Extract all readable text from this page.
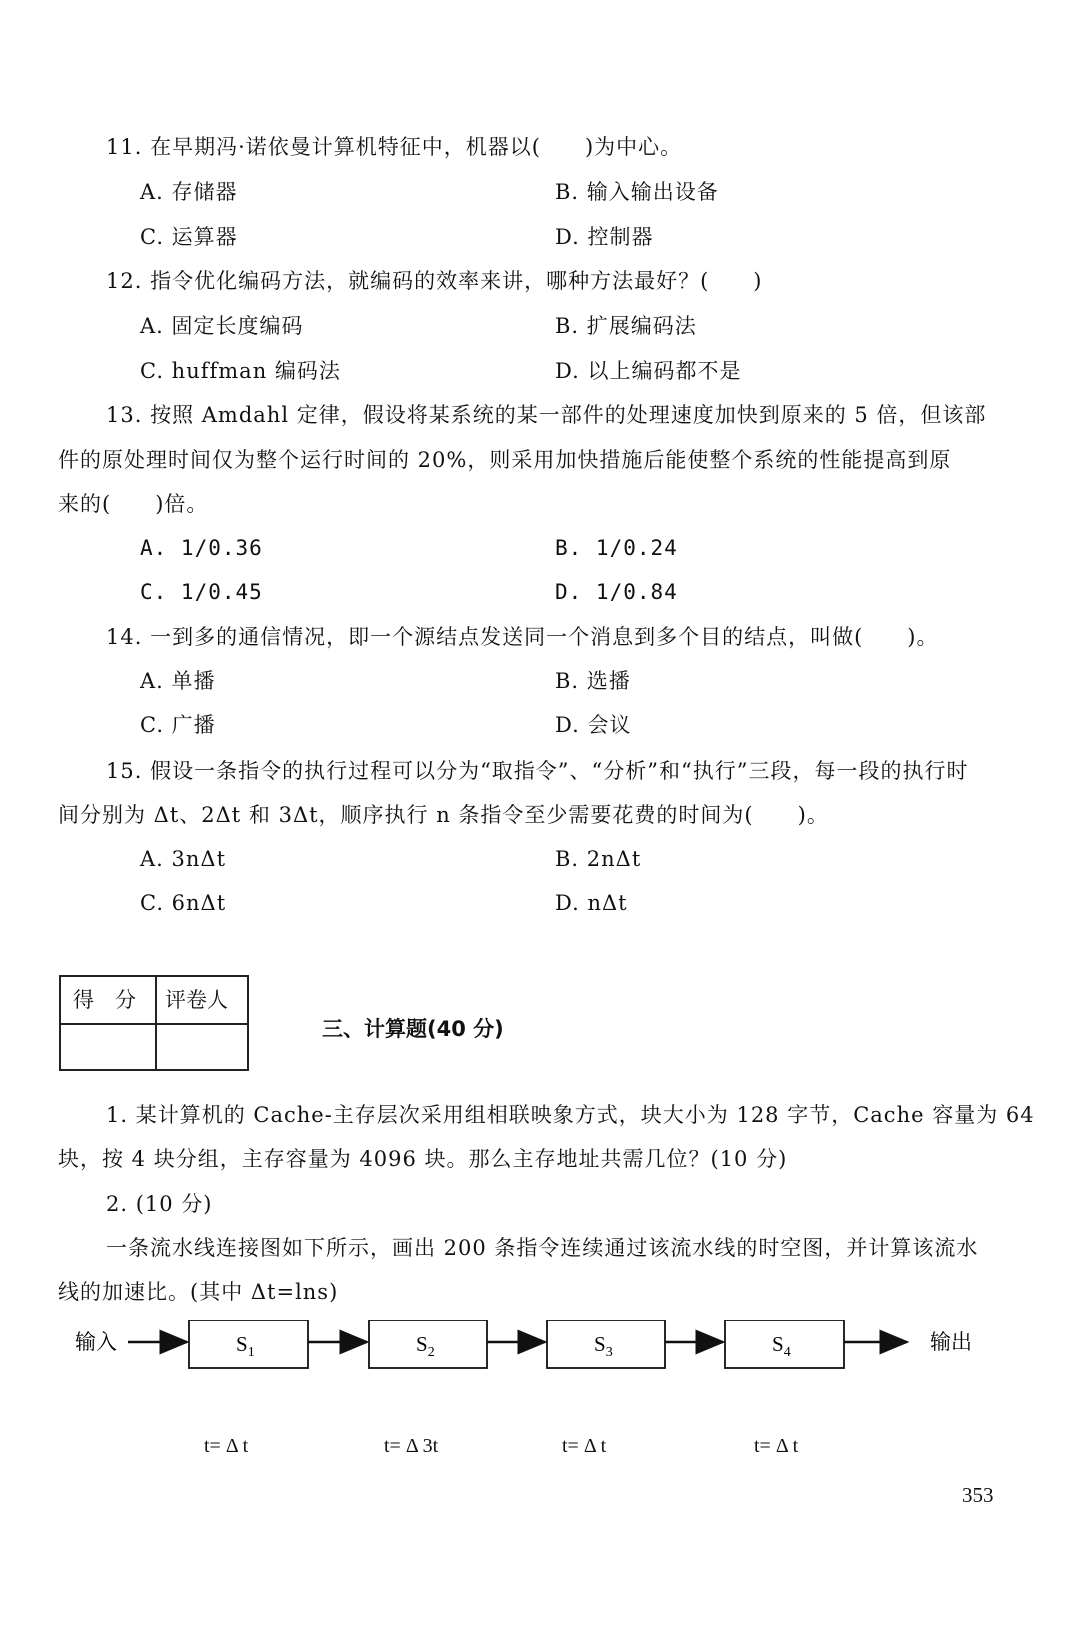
11. 在早期冯·诺依曼计算机特征中，机器以(　　)为中心。
A. 存储器	B. 输入输出设备
C. 运算器	D. 控制器
12. 指令优化编码方法，就编码的效率来讲，哪种方法最好？(　　)
A. 固定长度编码	B. 扩展编码法
C. huffman 编码法	D. 以上编码都不是
13. 按照 Amdahl 定律，假设将某系统的某一部件的处理速度加快到原来的 5 倍，但该部
件的原处理时间仅为整个运行时间的 20%，则采用加快措施后能使整个系统的性能提高到原
来的(　　)倍。
A. 1/0.36	B. 1/0.24
C. 1/0.45	D. 1/0.84
14. 一到多的通信情况，即一个源结点发送同一个消息到多个目的结点，叫做(　　)。
A. 单播	B. 选播
C. 广播	D. 会议
15. 假设一条指令的执行过程可以分为“取指令”、“分析”和“执行”三段，每一段的执行时
间分别为 Δt、2Δt 和 3Δt，顺序执行 n 条指令至少需要花费的时间为(　　)。
A. 3nΔt	B. 2nΔt
C. 6nΔt	D. nΔt
得　分 评卷人
三、计算题(40 分)
1. 某计算机的 Cache-主存层次采用组相联映象方式，块大小为 128 字节，Cache 容量为 64
块，按 4 块分组，主存容量为 4096 块。那么主存地址共需几位？(10 分)
2. (10 分)
一条流水线连接图如下所示，画出 200 条指令连续通过该流水线的时空图，并计算该流水
线的加速比。(其中 Δt=lns)
输入	$S_1$	$S_2$	$S_3$	$S_4$	输出
t= Δ t	t= Δ 3t	t= Δ t	t= Δ t
353
